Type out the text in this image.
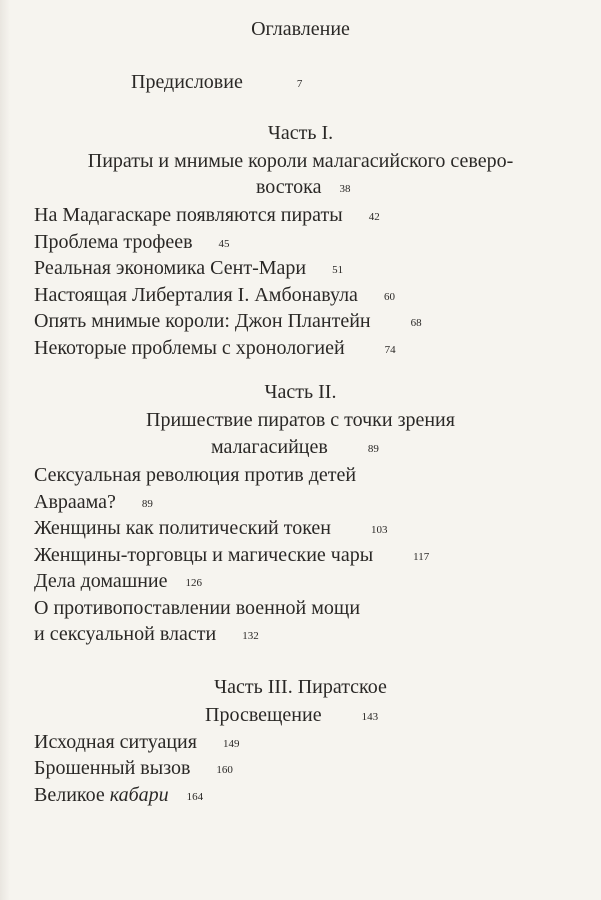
Оглавление
Предисловие	7
Часть I.
Пираты и мнимые короли малагасийского северо-
востока 38
На Мадагаскаре появляются пираты 42
Проблема трофеев 45
Реальная экономика Сент-Мари 51
Настоящая Либерталия I. Амбонавула 60
Опять мнимые короли: Джон Плантейн	68
Некоторые проблемы с хронологией	74
Часть II.
Пришествие пиратов с точки зрения
малагасийцев	89
Сексуальная революция против детей
Авраама? 89
Женщины как политический токен	103
Женщины-торговцы и магические чары	117
Дела домашние 126
О противопоставлении военной мощи
и сексуальной власти 132
Часть III. Пиратское
Просвещение	143
Исходная ситуация 149
Брошенный вызов 160
Великое кабари 164
